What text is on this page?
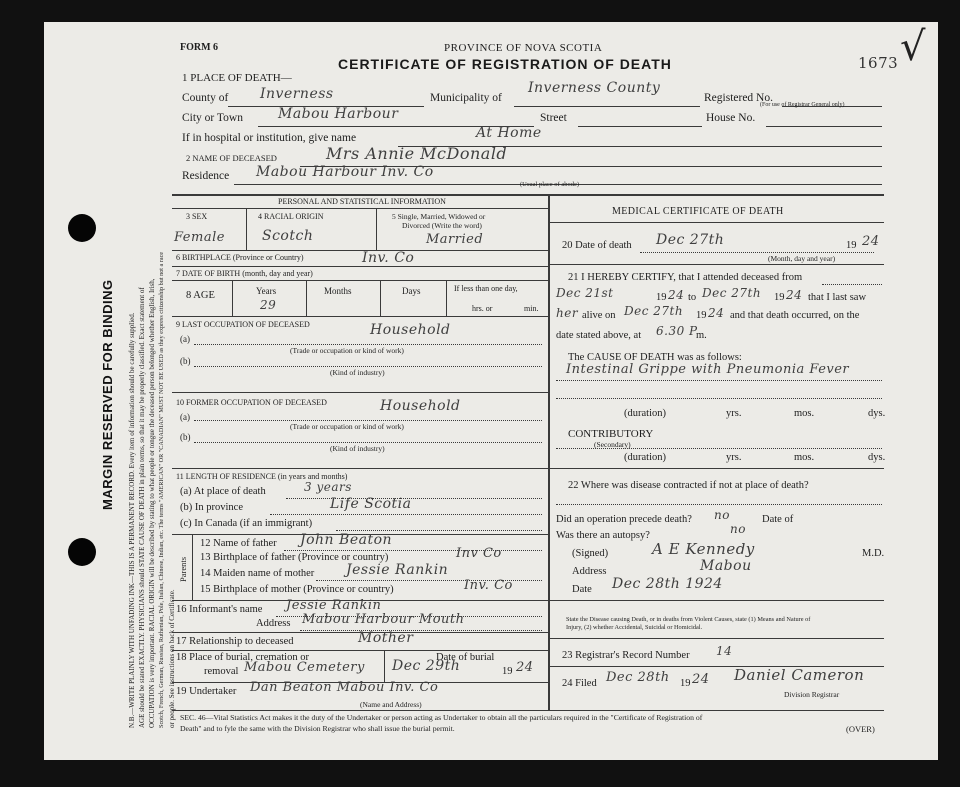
MARGIN RESERVED FOR BINDING N.B.—WRITE PLAINLY WITH UNFADING INK—THIS IS A PERMANENT RECORD. Every item of information should be carefully supplied. AGE should be stated EXACTLY. PHYSICIANS should STATE CAUSE OF DEATH in plain terms, so that it may be properly classified. Exact statement of OCCUPATION is very important. RACIAL ORIGIN will be described by stating to what people or tongue the deceased person belonged whether English, Irish, Scotch, French, German, Russian, Ruthenian, Pole, Italian, Chinese, Indian, etc. The terms "AMERICAN" OR "CANADIAN" MUST NOT BE USED as they express citizenship but not a race or people. See instructions on back of Certificate.
FORM 6	PROVINCE OF NOVA SCOTIA
CERTIFICATE OF REGISTRATION OF DEATH	1673 √
1 PLACE OF DEATH—
County of Inverness	Municipality of
Inverness County
Registered No.
(For use of Registrar General only)
City or Town	Mabou Harbour	Street	House No.
If in hospital or institution, give name	At Home
2 NAME OF DECEASED	Mrs Annie McDonald
Residence Mabou Harbour Inv. Co
(Usual place of abode)
PERSONAL AND STATISTICAL INFORMATION
3 SEX
Female
4 RACIAL ORIGIN
Scotch
5 Single, Married, Widowed or
Divorced (Write the word)
Married
6 BIRTHPLACE (Province or Country)	Inv. Co
7 DATE OF BIRTH (month, day and year)
8 AGE	Years
29
Months	Days	If less than one day,
hrs. or	min.
9 LAST OCCUPATION OF DECEASED
(a)
Household
(Trade or occupation or kind of work)
(b)
(Kind of industry)
10 FORMER OCCUPATION OF DECEASED
(a)
Household
(Trade or occupation or kind of work)
(b)
(Kind of industry)
11 LENGTH OF RESIDENCE (in years and months)
(a) At place of death	3 years
(b) In province	Life Scotia
(c) In Canada (if an immigrant)
Parents
12 Name of father John Beaton
13 Birthplace of father (Province or country)	Inv Co
14 Maiden name of mother Jessie Rankin
15 Birthplace of mother (Province or country)	Inv. Co
16 Informant's name Jessie Rankin
Address Mabou Harbour Mouth
17 Relationship to deceased	Mother
18 Place of burial, cremation or
removal Mabou Cemetery
Date of burial
Dec 29th	19 24
19 Undertaker Dan Beaton Mabou Inv. Co
(Name and Address)
MEDICAL CERTIFICATE OF DEATH
20 Date of death Dec 27th	19 24
(Month, day and year)
21 I HEREBY CERTIFY, that I attended deceased from
Dec 21st	19 24 to Dec 27th 19 24 that I last saw
her alive on Dec 27th 19 24 and that death occurred, on the
date stated above, at 6.30 P
m.
The CAUSE OF DEATH was as follows:
Intestinal Grippe with Pneumonia Fever
(duration)	yrs.	mos.	dys.
CONTRIBUTORY
(Secondary)
(duration)	yrs.	mos.	dys.
22 Where was disease contracted if not at place of death?
Did an operation precede death? no	Date of
Was there an autopsy?	no
(Signed)	A E Kennedy	M.D.
Address	Mabou
Date Dec 28th 1924
State the Disease causing Death, or in deaths from Violent Causes, state (1) Means and Nature of
Injury, (2) whether Accidental, Suicidal or Homicidal.
23 Registrar's Record Number 14
24 Filed Dec 28th 19 24 Daniel Cameron
Division Registrar
SEC. 46—Vital Statistics Act makes it the duty of the Undertaker or person acting as Undertaker to obtain all the particulars required in the "Certificate of Registration of
Death" and to fyle the same with the Division Registrar who shall issue the burial permit.	(OVER)
